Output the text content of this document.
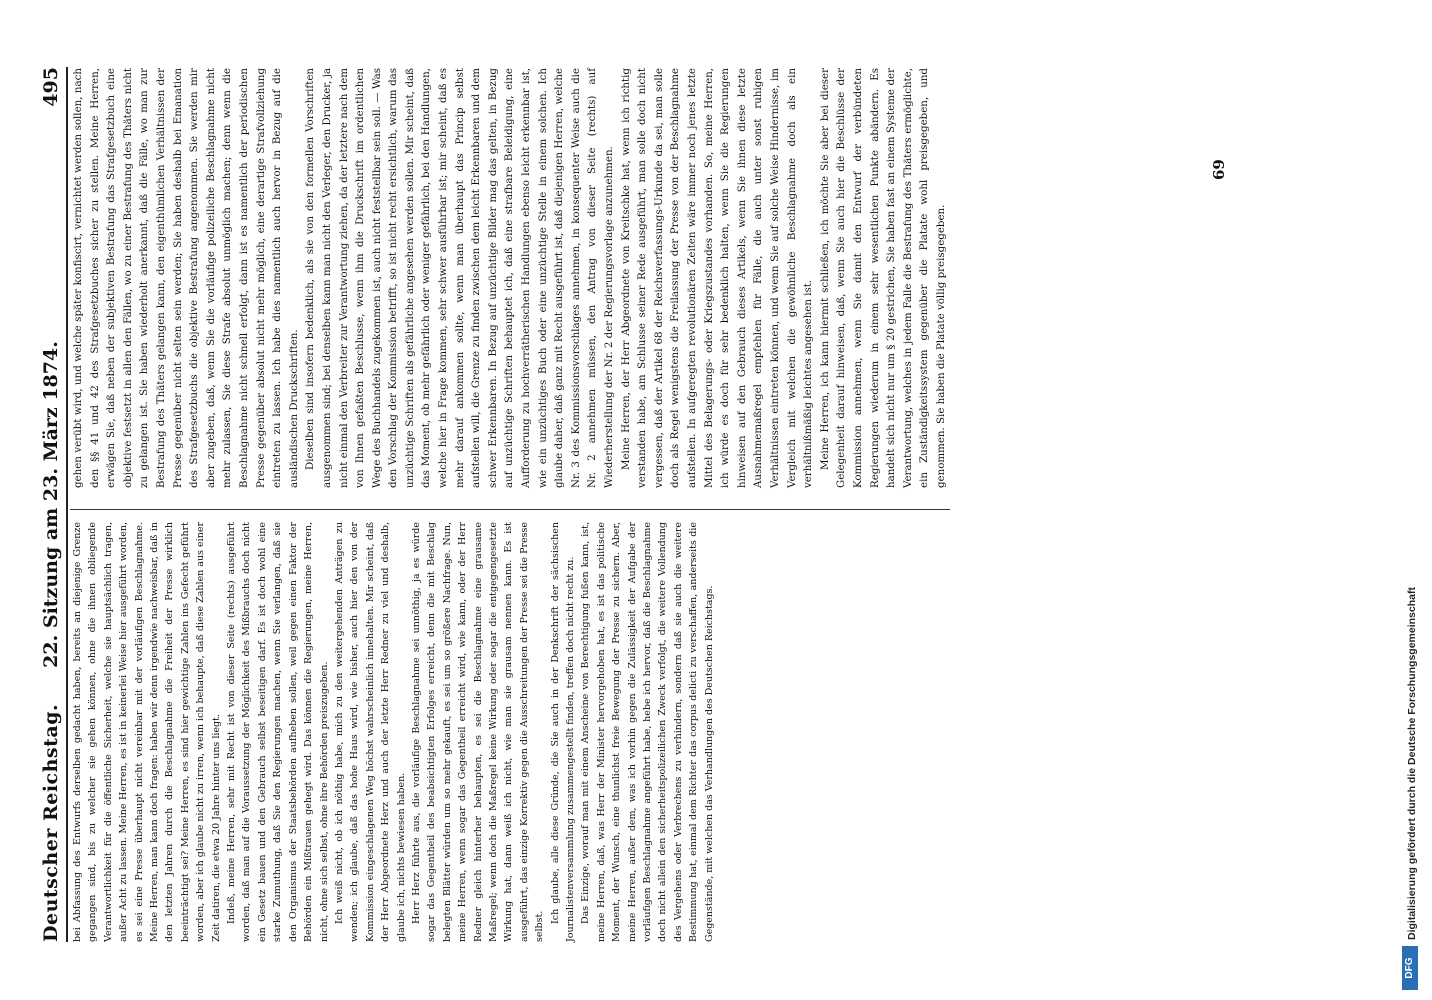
Deutscher Reichstag.
22. Sitzung am 23. März 1874.
495

bei Abfassung des Entwurfs derselben gedacht haben, bereits an diejenige Grenze gegangen sind, bis zu welcher sie gehen können, ohne die ihnen obliegende Verantwortlichkeit für die öffentliche Sicherheit, welche sie hauptsächlich tragen, außer Acht zu lassen. Meine Herren, es ist in keinerlei Weise hier ausgeführt worden, es sei eine Presse überhaupt nicht vereinbar mit der vorläufigen Beschlagnahme. Meine Herren, man kann doch fragen: haben wir denn irgendwie nachweisbar, daß in den letzten Jahren durch die Beschlagnahme die Freiheit der Presse wirklich beeinträchtigt sei? Meine Herren, es sind hier gewichtige Zahlen ins Gefecht geführt worden, aber ich glaube nicht zu irren, wenn ich behaupte, daß diese Zahlen aus einer Zeit datiren, die etwa 20 Jahre hinter uns liegt. Indeß, meine Herren, sehr mit Recht ist von dieser Seite (rechts) ausgeführt worden, daß man auf die Voraussetzung der Möglichkeit des Mißbrauchs doch nicht ein Gesetz bauen und den Gebrauch selbst beseitigen darf. Es ist doch wohl eine starke Zumuthung, daß Sie den Regierungen machen, wenn Sie verlangen, daß sie den Organismus der Staatsbehörden aufheben sollen, weil gegen einen Faktor der Behörden ein Mißtrauen gehegt wird. Das können die Regierungen, meine Herren, nicht, ohne sich selbst, ohne ihre Behörden preiszugeben. Ich weiß nicht, ob ich nöthig habe, mich zu den weitergehenden Anträgen zu wenden; ich glaube, daß das hohe Haus wird, wie bisher, auch hier den von der Kommission eingeschlagenen Weg höchst wahrscheinlich innehalten. Mir scheint, daß der Herr Abgeordnete Herz und auch der letzte Herr Redner zu viel und deshalb, glaube ich, nichts bewiesen haben. Herr Herz führte aus, die vorläufige Beschlagnahme sei unnöthig, ja es würde sogar das Gegentheil des beabsichtigten Erfolges erreicht, denn die mit Beschlag belegten Blätter würden um so mehr gekauft, es sei um so größere Nachfrage. Nun, meine Herren, wenn sogar das Gegentheil erreicht wird, wie kann, oder der Herr Redner gleich hinterher behaupten, es sei die Beschlagnahme eine grausame Maßregel; wenn doch die Maßregel keine Wirkung oder sogar die entgegengesetzte Wirkung hat, dann weiß ich nicht, wie man sie grausam nennen kann. Es ist ausgeführt, das einzige Korrektiv gegen die Ausschreitungen der Presse sei die Presse selbst.

Ich glaube, alle diese Gründe, die Sie auch in der Denkschrift der sächsischen Journalistenversammlung zusammengestellt finden, treffen doch nicht recht zu. Das Einzige, worauf man mit einem Anscheine von Berechtigung fußen kann, ist, meine Herren, daß, was Herr der Minister hervorgehoben hat, es ist das politische Moment, der Wunsch, eine thunlichst freie Bewegung der Presse zu sichern. Aber, meine Herren, außer dem, was ich vorhin gegen die Zulässigkeit der Aufgabe der vorläufigen Beschlagnahme angeführt habe, hebe ich hervor, daß die Beschlagnahme doch nicht allein den sicherheitspolizeilichen Zweck verfolgt, die weitere Vollendung des Vergehens oder Verbrechens zu verhindern, sondern daß sie auch die weitere Bestimmung hat, einmal dem Richter das corpus delicti zu verschaffen, anderseits die Gegenstände, mit welchen das Verhandlungen des Deutschen Reichstags.

gehen verübt wird, und welche später konfiscirt, vernichtet werden sollen, nach den §§ 41 und 42 des Strafgesetzbuches sicher zu stellen. Meine Herren, erwägen Sie, daß neben der subjektiven Bestrafung das Strafgesetzbuch eine objektive festsetzt in allen den Fällen, wo zu einer Bestrafung des Thäters nicht zu gelangen ist. Sie haben wiederholt anerkannt, daß die Fälle, wo man zur Bestrafung des Thäters gelangen kann, den eigenthümlichen Verhältnissen der Presse gegenüber nicht selten sein werden; Sie haben deshalb bei Emanation des Strafgesetzbuchs die objektive Bestrafung angenommen. Sie werden mir aber zugeben, daß, wenn Sie die vorläufige polizeiliche Beschlagnahme nicht mehr zulassen, Sie diese Strafe absolut unmöglich machen; denn wenn die Beschlagnahme nicht schnell erfolgt, dann ist es namentlich der periodischen Presse gegenüber absolut nicht mehr möglich, eine derartige Strafvollziehung eintreten zu lassen. Ich habe dies namentlich auch hervor in Bezug auf die ausländischen Druckschriften. Dieselben sind insofern bedenklich, als sie von den formellen Vorschriften ausgenommen sind; bei denselben kann man nicht den Verleger, den Drucker, ja nicht einmal den Verbreiter zur Verantwortung ziehen, da der letztere nach dem von Ihnen gefaßten Beschlusse, wenn ihm die Druckschrift im ordentlichen Wege des Buchhandels zugekommen ist, auch nicht feststellbar sein soll. — Was den Vorschlag der Kommission betrifft, so ist nicht recht ersichtlich, warum das unzüchtige Schriften als gefährliche angesehen werden sollen. Mir scheint, daß das Moment, ob mehr gefährlich oder weniger gefährlich, bei den Handlungen, welche hier in Frage kommen, sehr schwer ausführbar ist; mir scheint, daß es mehr darauf ankommen sollte, wenn man überhaupt das Princip selbst aufstellen will, die Grenze zu finden zwischen dem leicht Erkennbaren und dem schwer Erkennbaren. In Bezug auf unzüchtige Bilder mag das gelten, in Bezug auf unzüchtige Schriften behauptet ich, daß eine strafbare Beleidigung, eine Aufforderung zu hochverrätherischen Handlungen ebenso leicht erkennbar ist, wie ein unzüchtiges Buch oder eine unzüchtige Stelle in einem solchen. Ich glaube daher, daß ganz mit Recht ausgeführt ist, daß diejenigen Herren, welche Nr. 3 des Kommissionsvorschlages annehmen, in konsequenter Weise auch die Nr. 2 annehmen müssen, den Antrag von dieser Seite (rechts) auf Wiederherstellung der Nr. 2 der Regierungsvorlage anzunehmen. Meine Herren, der Herr Abgeordnete von Kreitschke hat, wenn ich richtig verstanden habe, am Schlusse seiner Rede ausgeführt, man solle doch nicht vergessen, daß der Artikel 68 der Reichsverfassungs-Urkunde da sei, man solle doch als Regel wenigstens die Freilassung der Presse von der Beschlagnahme aufstellen. In aufgeregten revolutionären Zeiten wäre immer noch jenes letzte Mittel des Belagerungs- oder Kriegszustandes vorhanden. So, meine Herren, ich würde es doch für sehr bedenklich halten, wenn Sie die Regierungen hinweisen auf den Gebrauch dieses Artikels, wenn Sie ihnen diese letzte Ausnahmemaßregel empfehlen für Fälle, die auch unter sonst ruhigen Verhältnissen eintreten können, und wenn Sie auf solche Weise Hindernisse, im Vergleich mit welchen die gewöhnliche Beschlagnahme doch als ein verhältnißmäßig leichtes angesehen ist. Meine Herren, ich kann hiermit schließen, ich möchte Sie aber bei dieser Gelegenheit darauf hinweisen, daß, wenn Sie auch hier die Beschlüsse der Kommission annehmen, wenn Sie damit den Entwurf der verbündeten Regierungen wiederum in einem sehr wesentlichen Punkte abändern. Es handelt sich nicht nur um § 20 gestrichen, Sie haben fast an einem Systeme der Verantwortung, welches in jedem Falle die Bestrafung des Thäters ermöglichte, ein Zuständigkeitssystem gegenüber die Platate wohl preisgegeben, und genommen. Sie haben die Platate völlig preisgegeben.

69
DFG
Digitalisierung gefördert durch die Deutsche Forschungsgemeinschaft
